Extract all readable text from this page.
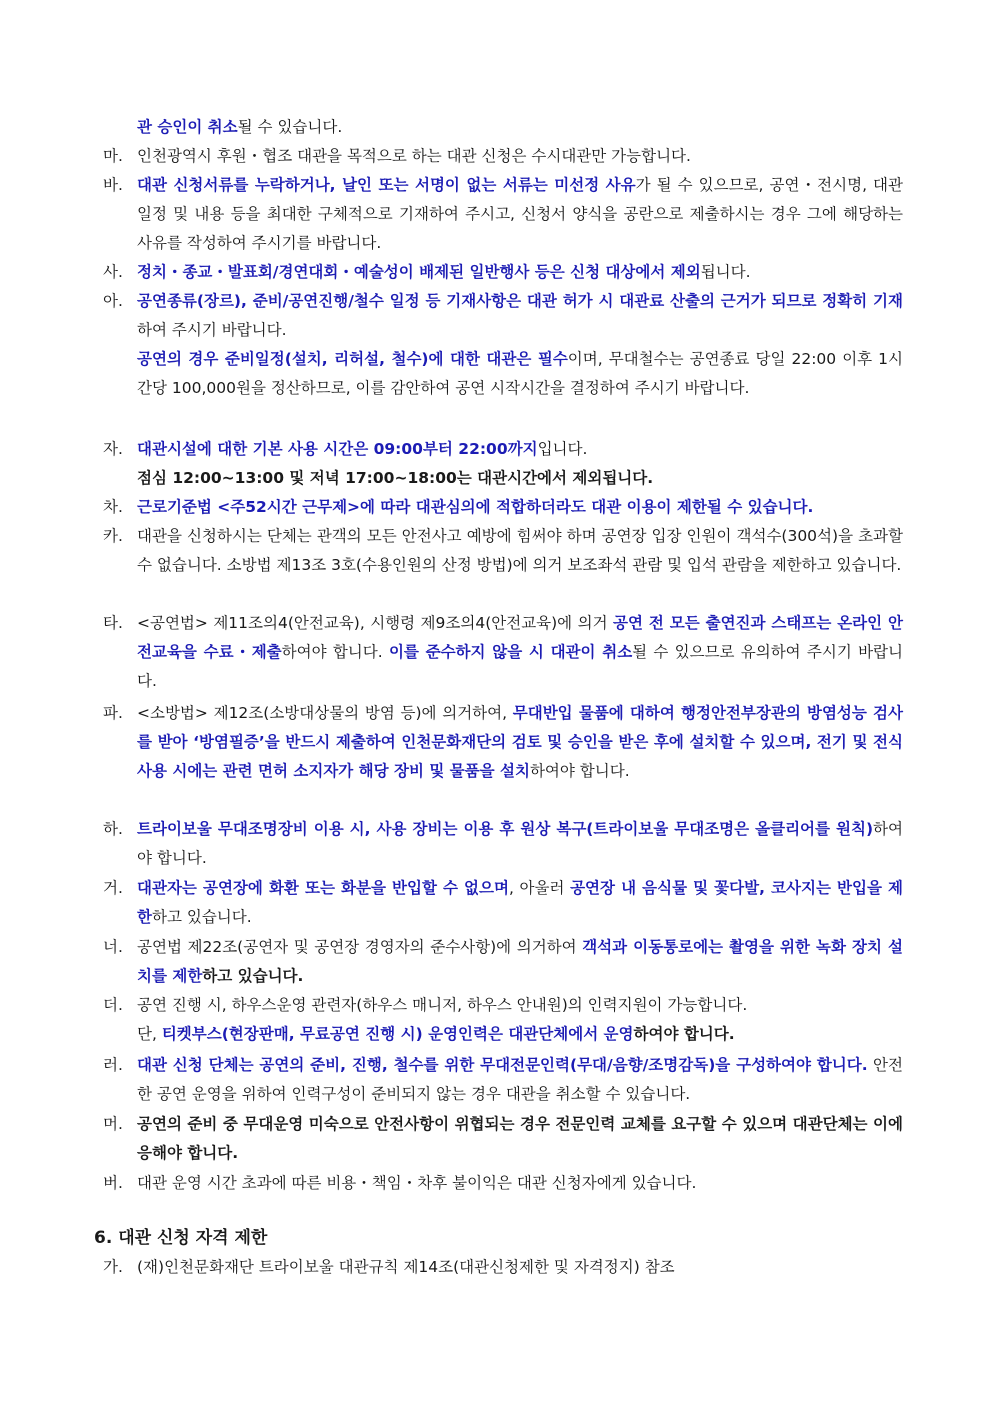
관 승인이 취소될 수 있습니다.
마. 인천광역시 후원・협조 대관을 목적으로 하는 대관 신청은 수시대관만 가능합니다.
바. 대관 신청서류를 누락하거나, 날인 또는 서명이 없는 서류는 미선정 사유가 될 수 있으므로, 공연・전시명, 대관 일정 및 내용 등을 최대한 구체적으로 기재하여 주시고, 신청서 양식을 공란으로 제출하시는 경우 그에 해당하는 사유를 작성하여 주시기를 바랍니다.
사. 정치・종교・발표회/경연대회・예술성이 배제된 일반행사 등은 신청 대상에서 제외됩니다.
아. 공연종류(장르), 준비/공연진행/철수 일정 등 기재사항은 대관 허가 시 대관료 산출의 근거가 되므로 정확히 기재하여 주시기 바랍니다.
공연의 경우 준비일정(설치, 리허설, 철수)에 대한 대관은 필수이며, 무대철수는 공연종료 당일 22:00 이후 1시간당 100,000원을 정산하므로, 이를 감안하여 공연 시작시간을 결정하여 주시기 바랍니다.
자. 대관시설에 대한 기본 사용 시간은 09:00부터 22:00까지입니다.
점심 12:00~13:00 및 저녁 17:00~18:00는 대관시간에서 제외됩니다.
차. 근로기준법 <주52시간 근무제>에 따라 대관심의에 적합하더라도 대관 이용이 제한될 수 있습니다.
카. 대관을 신청하시는 단체는 관객의 모든 안전사고 예방에 힘써야 하며 공연장 입장 인원이 객석수(300석)을 초과할 수 없습니다. 소방법 제13조 3호(수용인원의 산정 방법)에 의거 보조좌석 관람 및 입석 관람을 제한하고 있습니다.
타. <공연법> 제11조의4(안전교육), 시행령 제9조의4(안전교육)에 의거 공연 전 모든 출연진과 스태프는 온라인 안전교육을 수료・제출하여야 합니다. 이를 준수하지 않을 시 대관이 취소될 수 있으므로 유의하여 주시기 바랍니다.
파. <소방법> 제12조(소방대상물의 방염 등)에 의거하여, 무대반입 물품에 대하여 행정안전부장관의 방염성능 검사를 받아 ‘방염필증’을 반드시 제출하여 인천문화재단의 검토 및 승인을 받은 후에 설치할 수 있으며, 전기 및 전식 사용 시에는 관련 면허 소지자가 해당 장비 및 물품을 설치하여야 합니다.
하. 트라이보울 무대조명장비 이용 시, 사용 장비는 이용 후 원상 복구(트라이보울 무대조명은 올클리어를 원칙)하여야 합니다.
거. 대관자는 공연장에 화환 또는 화분을 반입할 수 없으며, 아울러 공연장 내 음식물 및 꽃다발, 코사지는 반입을 제한하고 있습니다.
너. 공연법 제22조(공연자 및 공연장 경영자의 준수사항)에 의거하여 객석과 이동통로에는 촬영을 위한 녹화 장치 설치를 제한하고 있습니다.
더. 공연 진행 시, 하우스운영 관련자(하우스 매니저, 하우스 안내원)의 인력지원이 가능합니다.
단, 티켓부스(현장판매, 무료공연 진행 시) 운영인력은 대관단체에서 운영하여야 합니다.
러. 대관 신청 단체는 공연의 준비, 진행, 철수를 위한 무대전문인력(무대/음향/조명감독)을 구성하여야 합니다. 안전한 공연 운영을 위하여 인력구성이 준비되지 않는 경우 대관을 취소할 수 있습니다.
머. 공연의 준비 중 무대운영 미숙으로 안전사항이 위협되는 경우 전문인력 교체를 요구할 수 있으며 대관단체는 이에 응해야 합니다.
버. 대관 운영 시간 초과에 따른 비용・책임・차후 불이익은 대관 신청자에게 있습니다.
6. 대관 신청 자격 제한
가. (재)인천문화재단 트라이보울 대관규칙 제14조(대관신청제한 및 자격정지) 참조
